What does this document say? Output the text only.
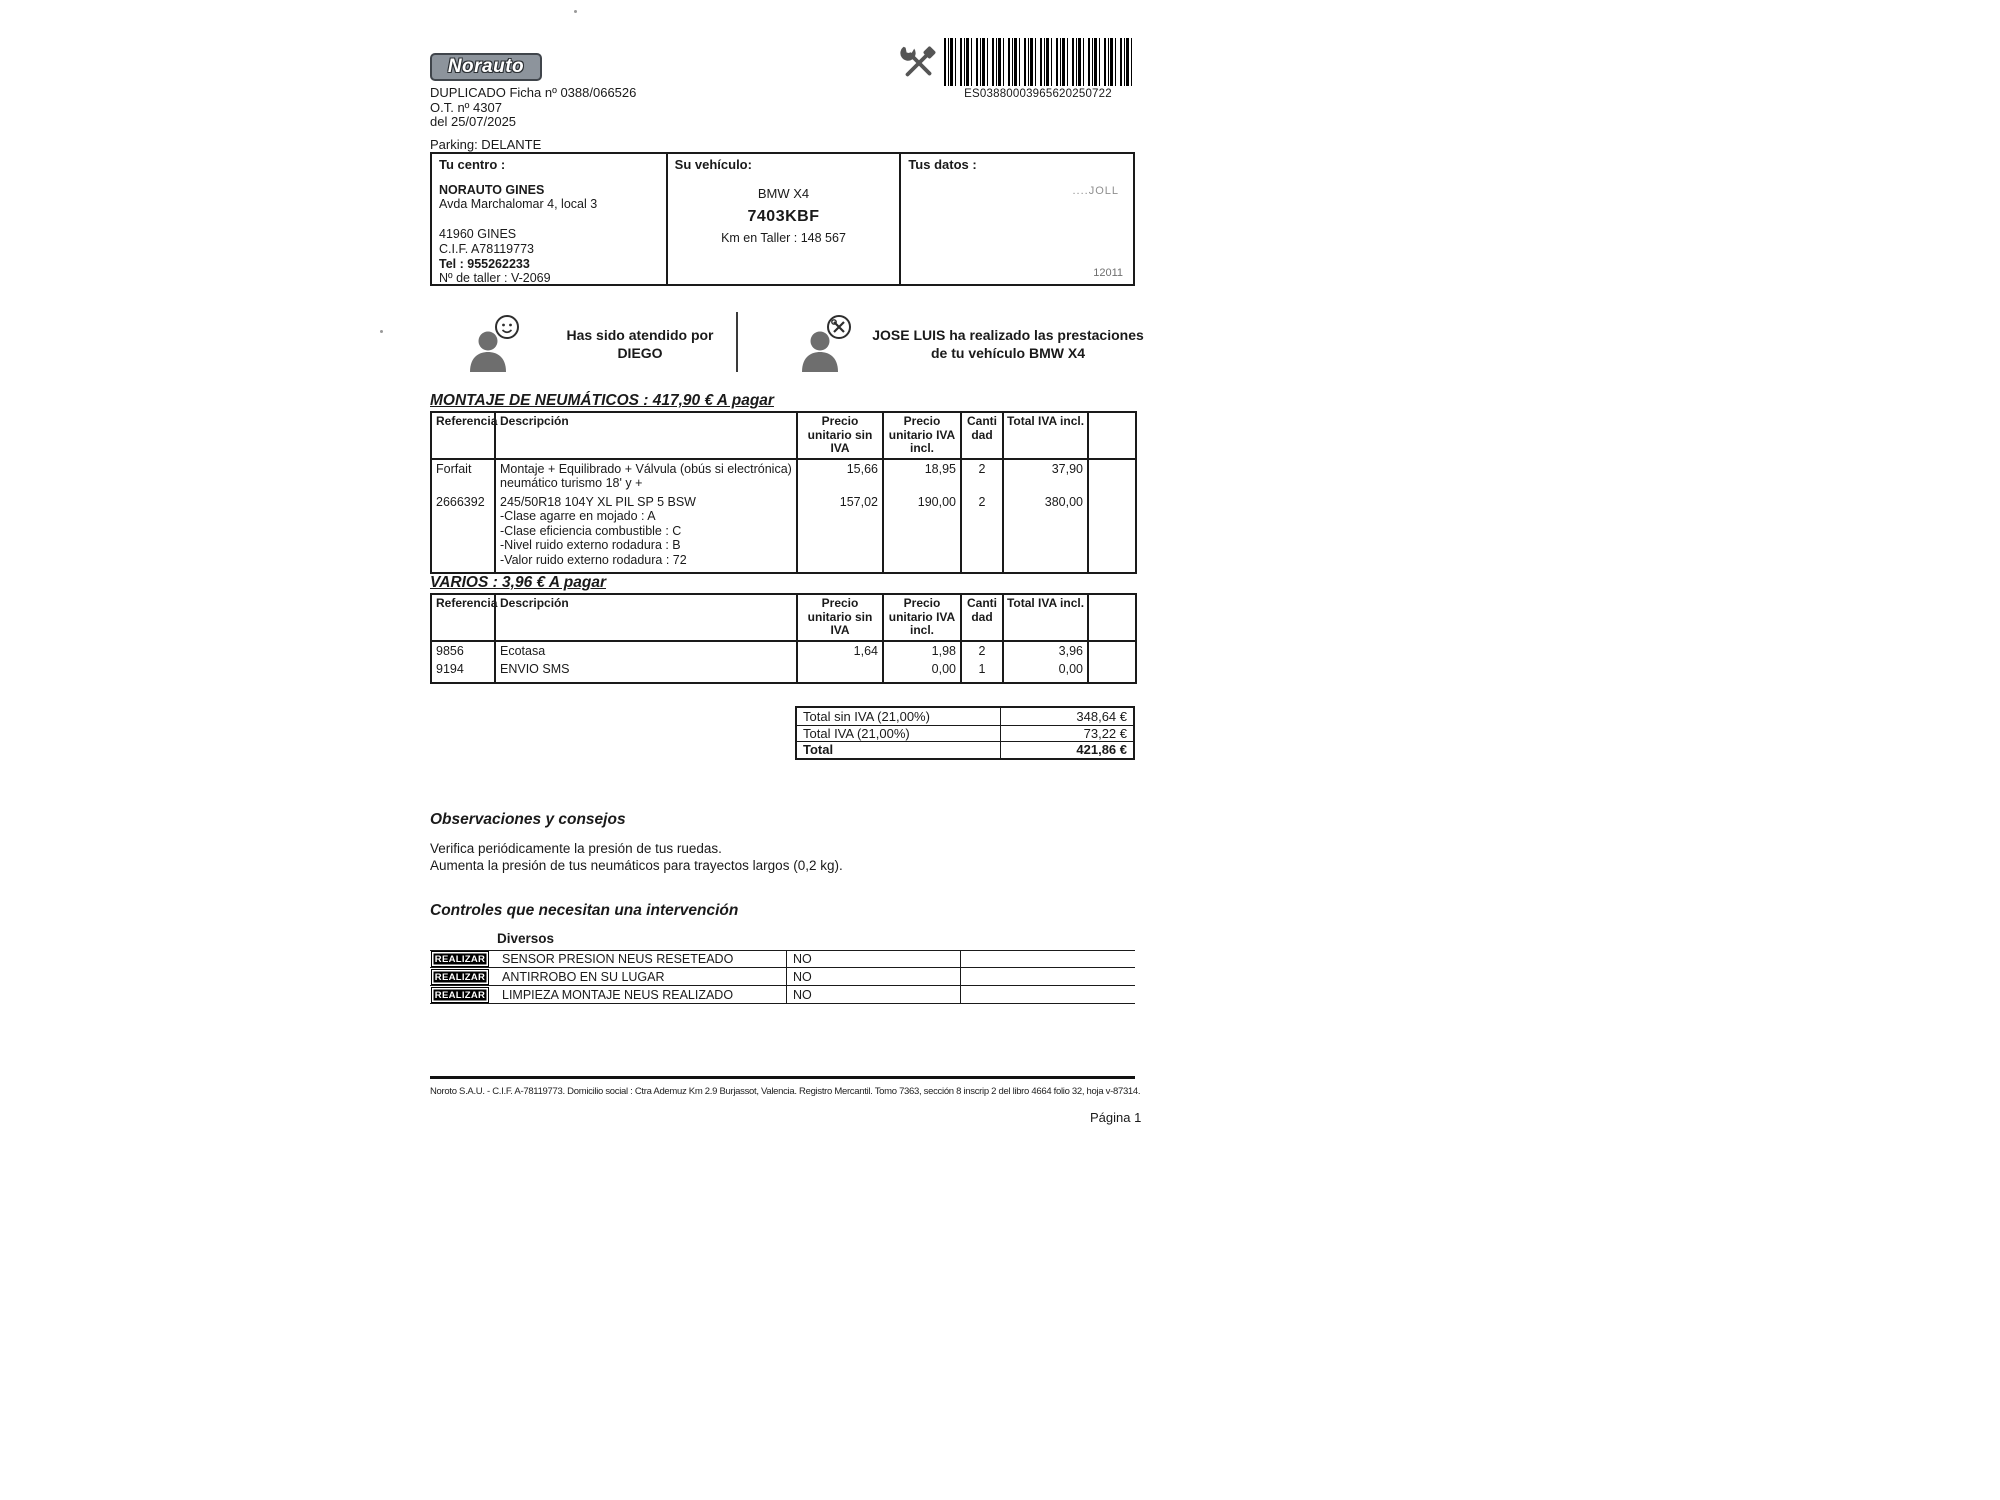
Norauto
DUPLICADO Ficha nº 0388/066526
O.T. nº 4307
del 25/07/2025
Parking: DELANTE
ES03880003965620250722
Tu centro :
NORAUTO GINES
Avda Marchalomar 4, local 3
41960 GINES
C.I.F. A78119773
Tel : 955262233
Nº de taller : V-2069
Su vehículo:
BMW X4
7403KBF
Km en Taller : 148 567
Tus datos :
....JOLL
12011
Has sido atendido por
DIEGO
JOSE LUIS ha realizado las prestaciones
de tu vehículo BMW X4
MONTAJE DE NEUMÁTICOS : 417,90 € A pagar
Referencia	Descripción	Precio unitario sin IVA	Precio unitario IVA incl.	Cantidad	Total IVA incl.	
Forfait	Montaje + Equilibrado + Válvula (obús si electrónica)
neumático turismo 18' y +	15,66	18,95	2	37,90	
2666392	245/50R18 104Y XL PIL SP 5 BSW
-Clase agarre en mojado : A
-Clase eficiencia combustible : C
-Nivel ruido externo rodadura : B
-Valor ruido externo rodadura : 72	157,02	190,00	2	380,00	
VARIOS : 3,96 € A pagar
Referencia	Descripción	Precio unitario sin IVA	Precio unitario IVA incl.	Cantidad	Total IVA incl.	
9856	Ecotasa	1,64	1,98	2	3,96	
9194	ENVIO SMS		0,00	1	0,00	
Total sin IVA (21,00%)	348,64 €
Total IVA (21,00%)	73,22 €
Total	421,86 €
Observaciones y consejos
Verifica periódicamente la presión de tus ruedas.
Aumenta la presión de tus neumáticos para trayectos largos (0,2 kg).
Controles que necesitan una intervención
Diversos
REALIZAR	SENSOR PRESION NEUS RESETEADO	NO
REALIZAR	ANTIRROBO EN SU LUGAR	NO
REALIZAR	LIMPIEZA MONTAJE NEUS REALIZADO	NO
Noroto S.A.U. - C.I.F. A-78119773. Domicilio social : Ctra Ademuz Km 2.9 Burjassot, Valencia. Registro Mercantil. Tomo 7363, sección 8 inscrip 2 del libro 4664 folio 32, hoja v-87314.
Página 1
